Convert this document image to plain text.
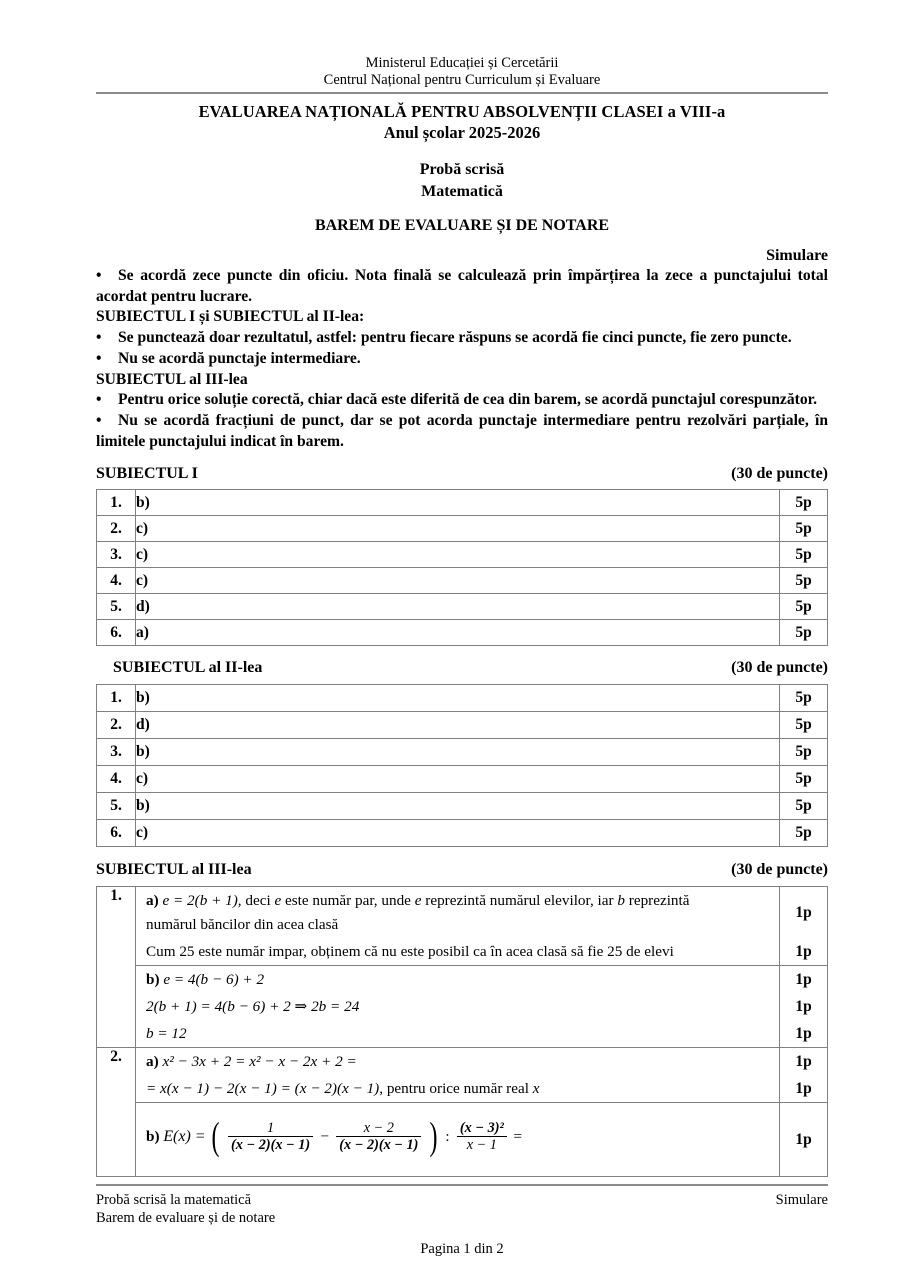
Ministerul Educației și Cercetării
Centrul Național pentru Curriculum și Evaluare
EVALUAREA NAȚIONALĂ PENTRU ABSOLVENȚII CLASEI a VIII-a
Anul școlar 2025-2026
Probă scrisă
Matematică
BAREM DE EVALUARE ȘI DE NOTARE
Simulare

• Se acordă zece puncte din oficiu. Nota finală se calculează prin împărțirea la zece a punctajului total acordat pentru lucrare.

SUBIECTUL I și SUBIECTUL al II-lea:

• Se punctează doar rezultatul, astfel: pentru fiecare răspuns se acordă fie cinci puncte, fie zero puncte.

• Nu se acordă punctaje intermediare.

SUBIECTUL al III-lea

• Pentru orice soluție corectă, chiar dacă este diferită de cea din barem, se acordă punctajul corespunzător.

• Nu se acordă fracțiuni de punct, dar se pot acorda punctaje intermediare pentru rezolvări parțiale, în limitele punctajului indicat în barem.

SUBIECTUL I	(30 de puncte)
1.	b)	5p
2.	c)	5p
3.	c)	5p
4.	c)	5p
5.	d)	5p
6.	a)	5p
SUBIECTUL al II-lea	(30 de puncte)
1.	b)	5p
2.	d)	5p
3.	b)	5p
4.	c)	5p
5.	b)	5p
6.	c)	5p
SUBIECTUL al III-lea	(30 de puncte)
1.		a) e = 2(b + 1), deci e este număr par, unde e reprezintă numărul elevilor, iar b reprezintă
numărul băncilor din acea clasă
	1p

Cum 25 este număr impar, obținem că nu este posibil ca în acea clasă să fie 25 de elevi	1p

b) e = 4(b − 6) + 2	1p

2(b + 1) = 4(b − 6) + 2 ⇒ 2b = 24	1p

b = 12	1p

2.		a) x² − 3x + 2 = x² − x − 2x + 2 =	1p

= x(x − 1) − 2(x − 1) = (x − 2)(x − 1), pentru orice număr real x	1p

b) E(x) = ( $\frac{1}{(x - 2)(x - 1)} - \frac{x - 2}{(x - 2)(x - 1)}$ ) : $\frac{\text{(x − 3)²}}{x - 1}$ =	1p
Probă scrisă la matematică	Simulare
Barem de evaluare și de notare
Pagina 1 din 2
